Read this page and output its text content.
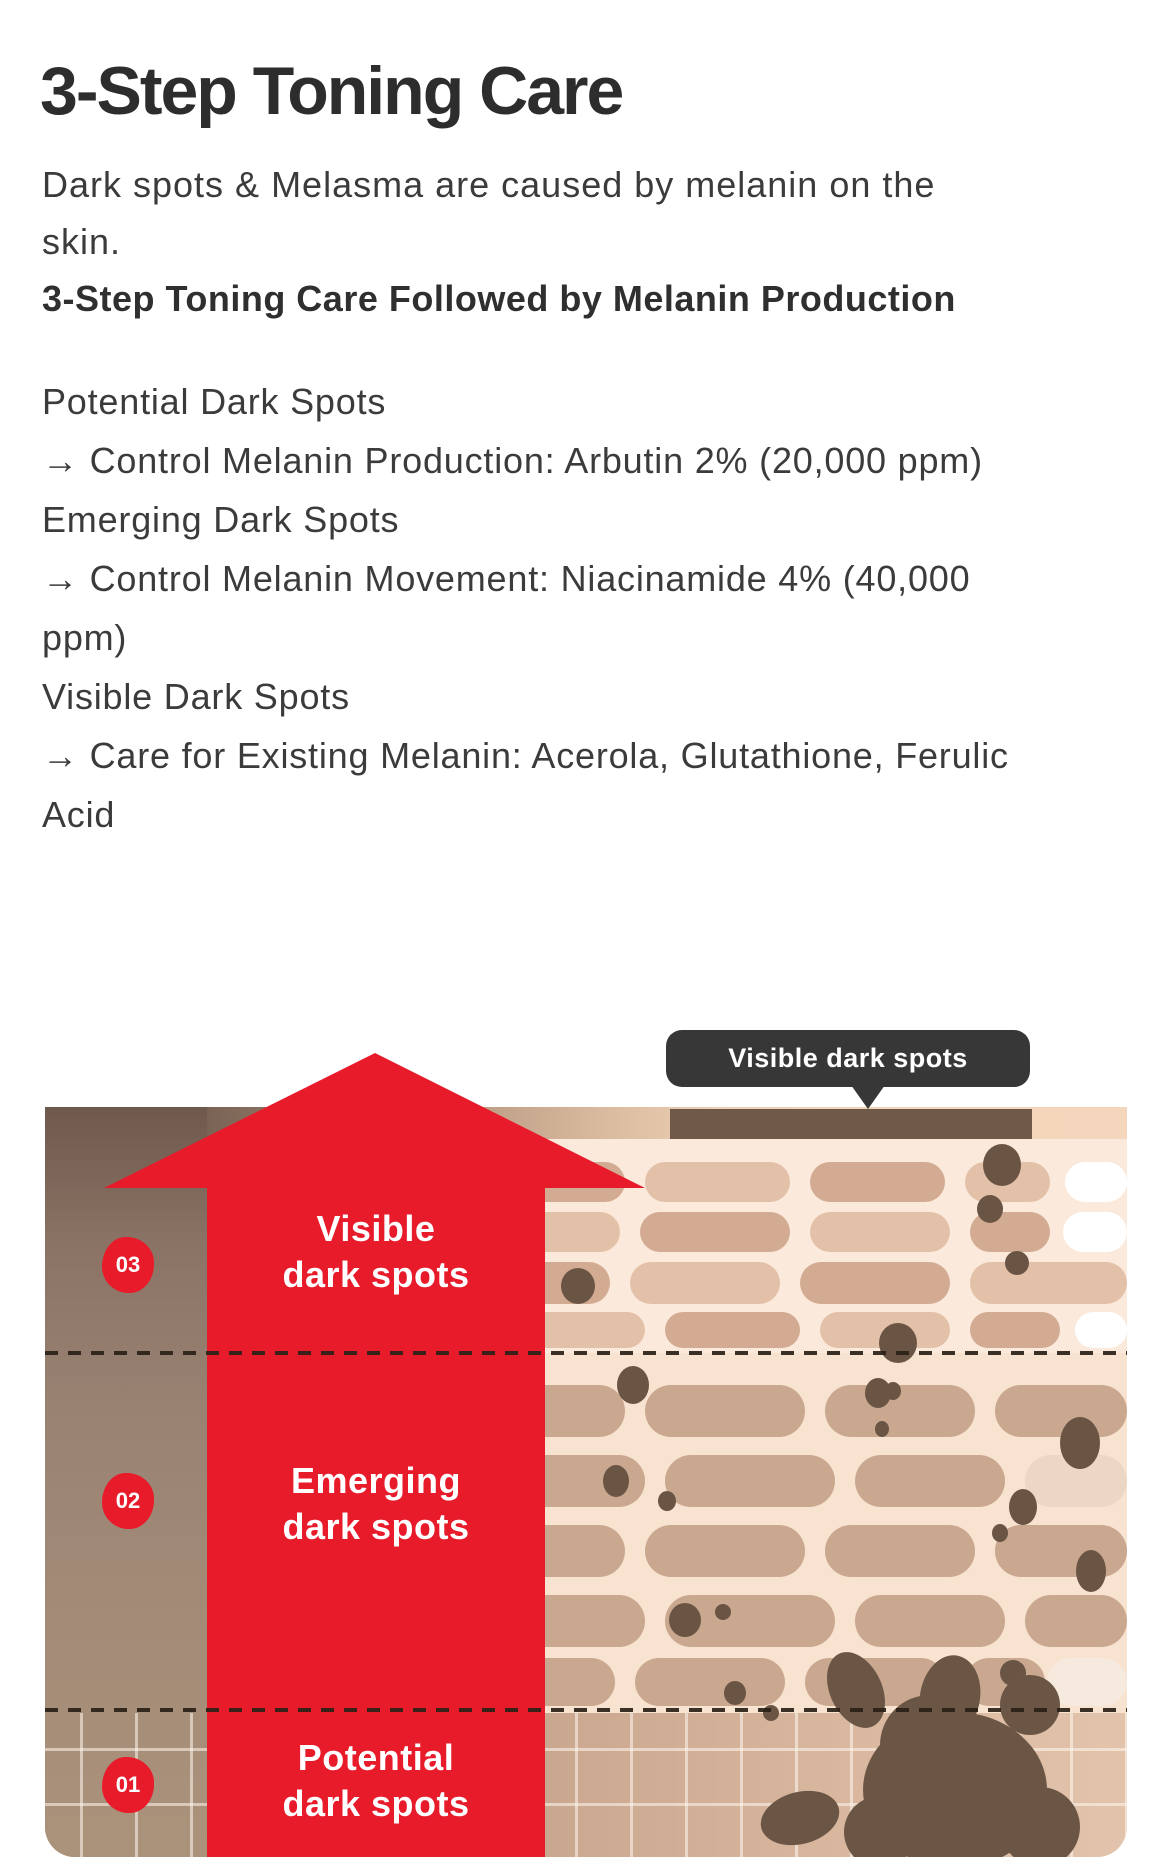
3-Step Toning Care
Dark spots & Melasma are caused by melanin on the
skin.
3-Step Toning Care Followed by Melanin Production
Potential Dark Spots
→ Control Melanin Production: Arbutin 2% (20,000 ppm)
Emerging Dark Spots
→ Control Melanin Movement: Niacinamide 4% (40,000
ppm)
Visible Dark Spots
→ Care for Existing Melanin: Acerola, Glutathione, Ferulic
Acid
03
02
01
Visible
dark spots
Emerging
dark spots
Potential
dark spots
Visible dark spots
